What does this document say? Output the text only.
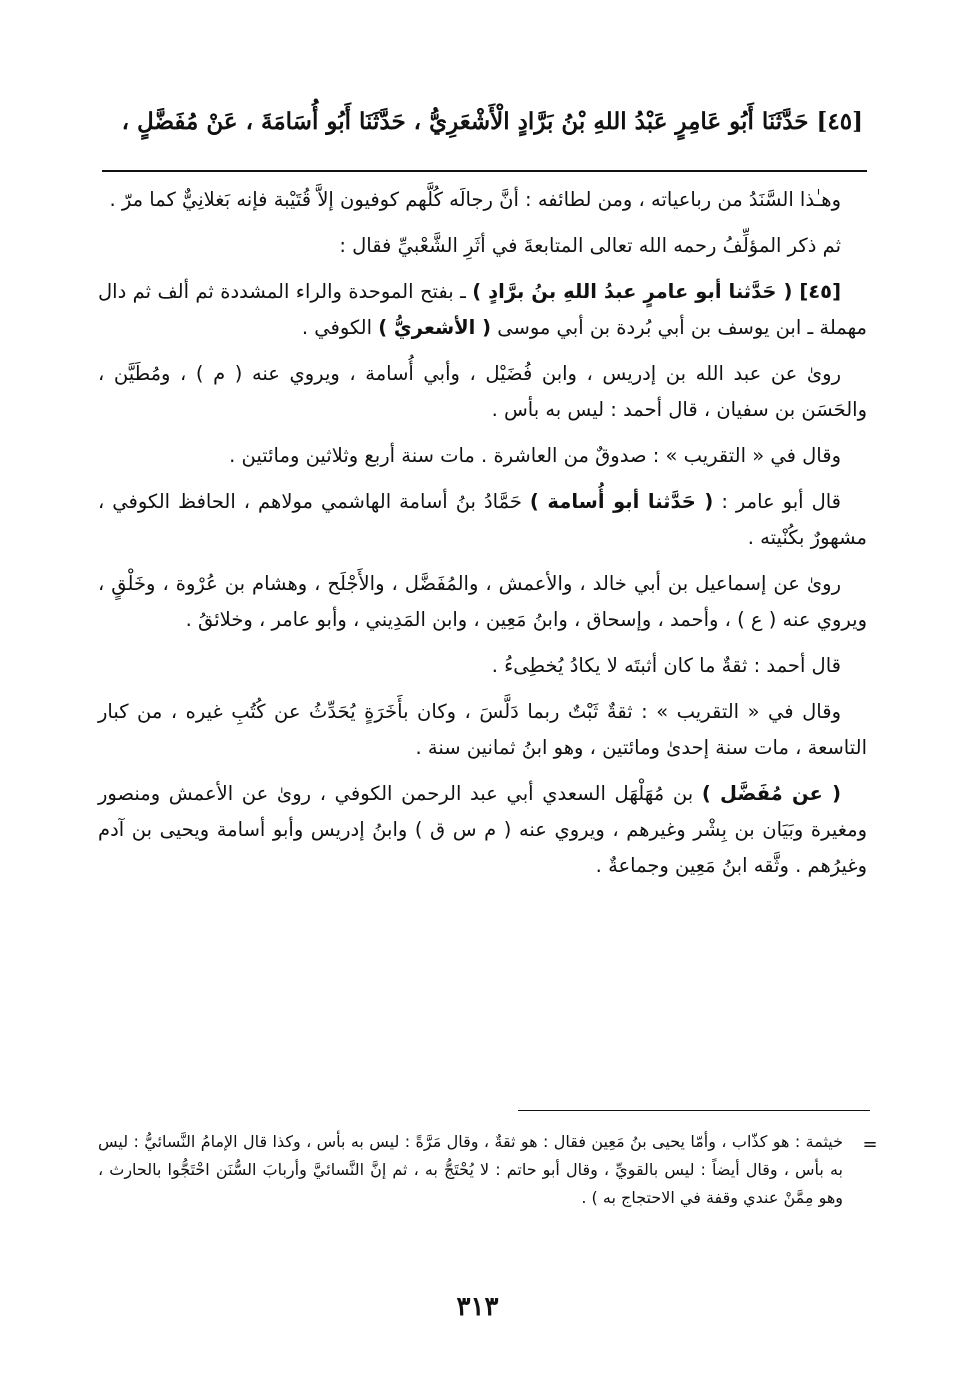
[٤٥] حَدَّثَنَا أَبُو عَامِرٍ عَبْدُ اللهِ بْنُ بَرَّادٍ الْأَشْعَرِيُّ ، حَدَّثَنَا أَبُو أُسَامَةَ ، عَنْ مُفَضَّلٍ ،

وهـٰذا السَّنَدُ من رباعياته ، ومن لطائفه : أنَّ رجالَه كُلَّهم كوفيون إلاَّ قُتَيْبة فإنه بَغلانِيٌّ كما مرّ .

ثم ذكر المؤلِّفُ رحمه الله تعالى المتابعةَ في أثَرِ الشَّعْبيِّ فقال :

[٤٥] ( حَدَّثنا أبو عامرٍ عبدُ اللهِ بنُ برَّادٍ ) ـ بفتح الموحدة والراء المشددة ثم ألف ثم دال مهملة ـ ابن يوسف بن أبي بُردة بن أبي موسى ( الأشعريُّ ) الكوفي .

روىٰ عن عبد الله بن إدريس ، وابن فُضَيْل ، وأبي أُسامة ، ويروي عنه ( م ) ، ومُطَيَّن ، والحَسَن بن سفيان ، قال أحمد : ليس به بأس .

وقال في « التقريب » : صدوقٌ من العاشرة . مات سنة أربع وثلاثين ومائتين .

قال أبو عامر : ( حَدَّثنا أبو أُسامة ) حَمَّادُ بنُ أسامة الهاشمي مولاهم ، الحافظ الكوفي ، مشهورٌ بكُنْيته .

روىٰ عن إسماعيل بن أبي خالد ، والأعمش ، والمُفَضَّل ، والأَجْلَح ، وهشام بن عُرْوة ، وخَلْقٍ ، ويروي عنه ( ع ) ، وأحمد ، وإسحاق ، وابنُ مَعِين ، وابن المَدِيني ، وأبو عامر ، وخلائقُ .

قال أحمد : ثقةٌ ما كان أثبتَه لا يكادُ يُخطِىءُ .

وقال في « التقريب » : ثقةٌ ثَبْتٌ ربما دَلَّسَ ، وكان بأَخَرَةٍ يُحَدِّثُ عن كُتُبِ غيره ، من كبار التاسعة ، مات سنة إحدىٰ ومائتين ، وهو ابنُ ثمانين سنة .

( عن مُفَضَّل ) بن مُهَلْهَل السعدي أبي عبد الرحمن الكوفي ، روىٰ عن الأعمش ومنصور ومغيرة وبَيَان بن بِشْر وغيرهم ، ويروي عنه ( م س ق ) وابنُ إدريس وأبو أسامة ويحيى بن آدم وغيرُهم . وثَّقه ابنُ مَعِين وجماعةٌ .

=
خيثمة : هو كذّاب ، وأمّا يحيى بنُ مَعِين فقال : هو ثقةٌ ، وقال مَرَّةً : ليس به بأس ، وكذا قال الإمامُ النَّسائيُّ : ليس به بأس ، وقال أيضاً : ليس بالقويِّ ، وقال أبو حاتم : لا يُحْتَجُّ به ، ثم إنَّ النَّسائيَّ وأربابَ السُّنَن احْتَجُّوا بالحارث ، وهو مِمَّنْ عندي وقفة في الاحتجاج به ) .
٣١٣
